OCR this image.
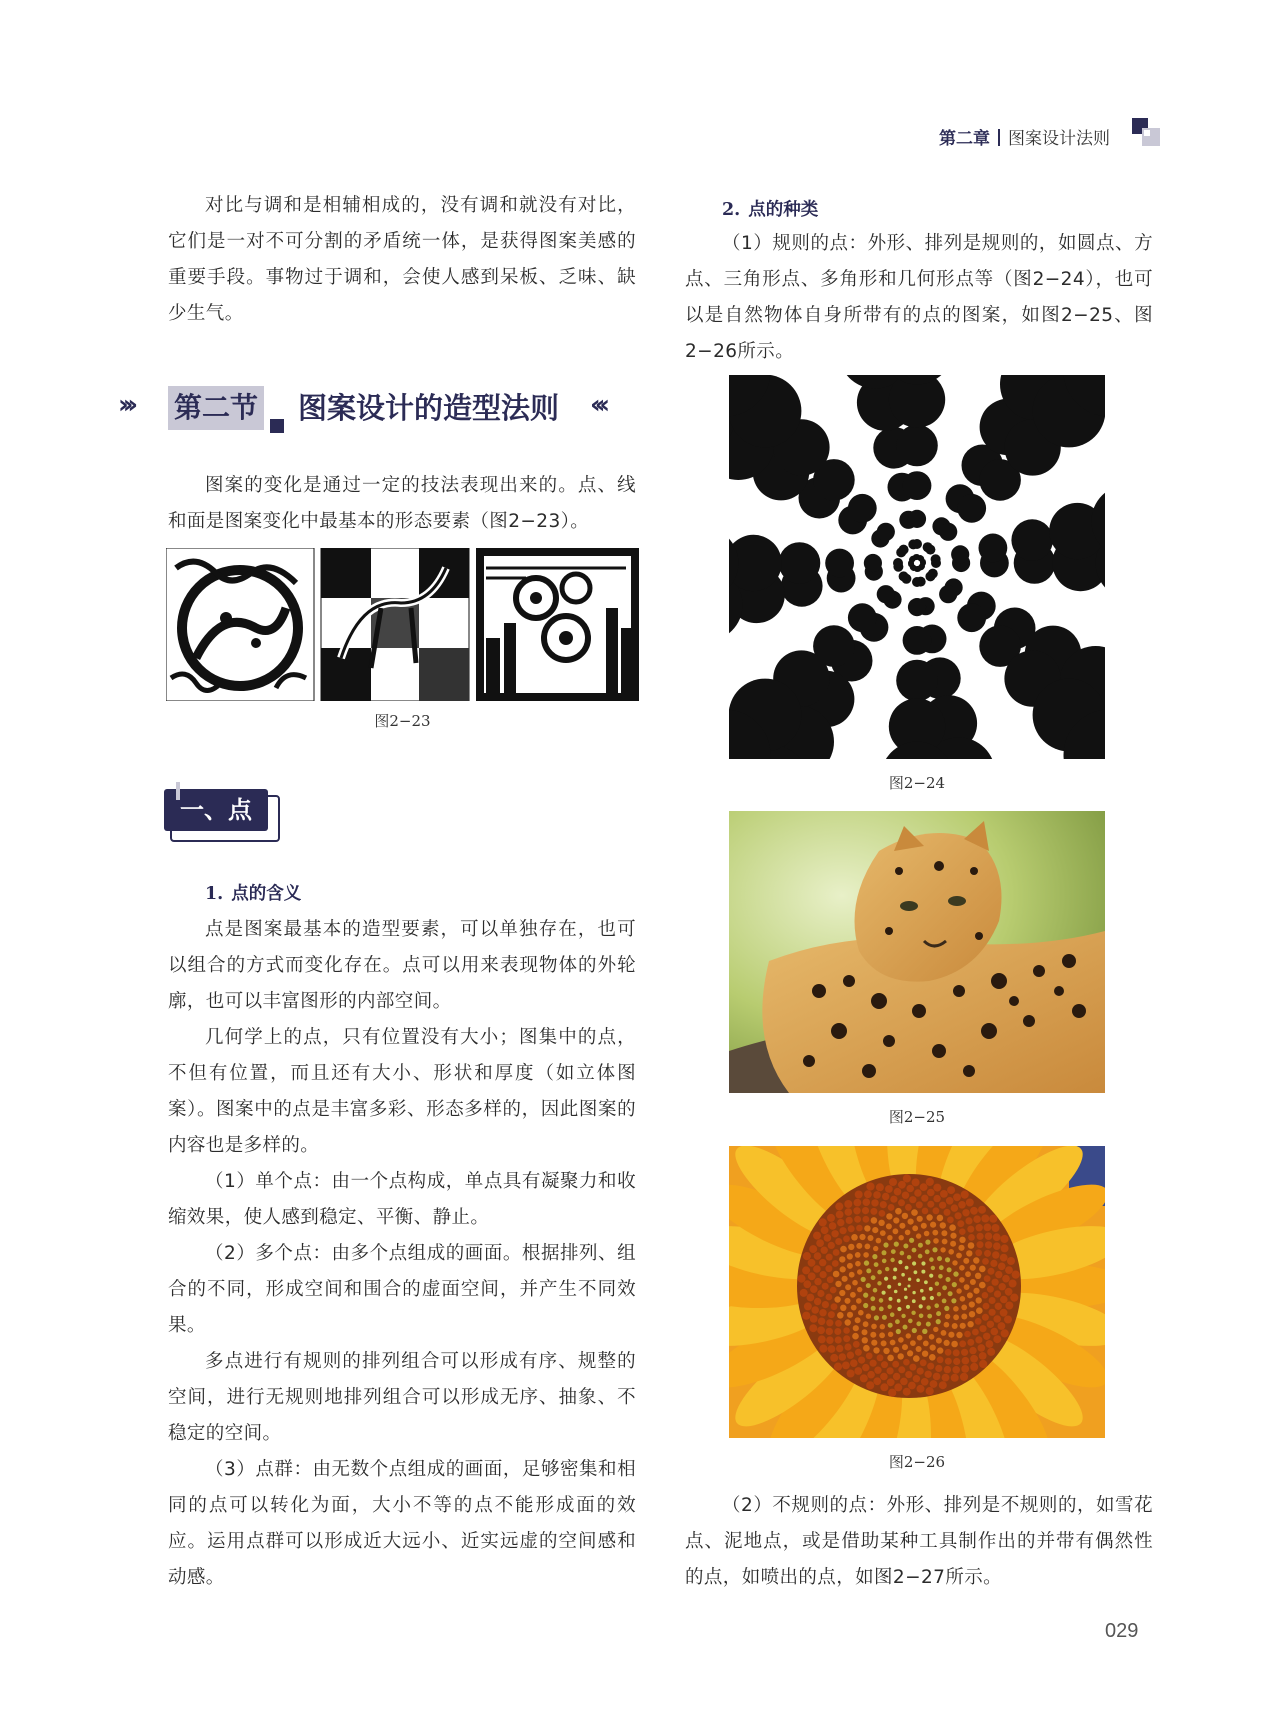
第二章 图案设计法则

对比与调和是相辅相成的，没有调和就没有对比，它们是一对不可分割的矛盾统一体，是获得图案美感的重要手段。事物过于调和，会使人感到呆板、乏味、缺少生气。

››› 第二节 图案设计的造型法则 ‹‹‹

图案的变化是通过一定的技法表现出来的。点、线和面是图案变化中最基本的形态要素（图2−23）。

图2−23
一、点
1. 点的含义

点是图案最基本的造型要素，可以单独存在，也可以组合的方式而变化存在。点可以用来表现物体的外轮廓，也可以丰富图形的内部空间。

几何学上的点，只有位置没有大小；图集中的点，不但有位置，而且还有大小、形状和厚度（如立体图案）。图案中的点是丰富多彩、形态多样的，因此图案的内容也是多样的。

（1）单个点：由一个点构成，单点具有凝聚力和收缩效果，使人感到稳定、平衡、静止。

（2）多个点：由多个点组成的画面。根据排列、组合的不同，形成空间和围合的虚面空间，并产生不同效果。

多点进行有规则的排列组合可以形成有序、规整的空间，进行无规则地排列组合可以形成无序、抽象、不稳定的空间。

（3）点群：由无数个点组成的画面，足够密集和相同的点可以转化为面，大小不等的点不能形成面的效应。运用点群可以形成近大远小、近实远虚的空间感和动感。

2. 点的种类

（1）规则的点：外形、排列是规则的，如圆点、方点、三角形点、多角形和几何形点等（图2−24），也可以是自然物体自身所带有的点的图案，如图2−25、图2−26所示。

图2−24
图2−25
图2−26

（2）不规则的点：外形、排列是不规则的，如雪花点、泥地点，或是借助某种工具制作出的并带有偶然性的点，如喷出的点，如图2−27所示。

029
